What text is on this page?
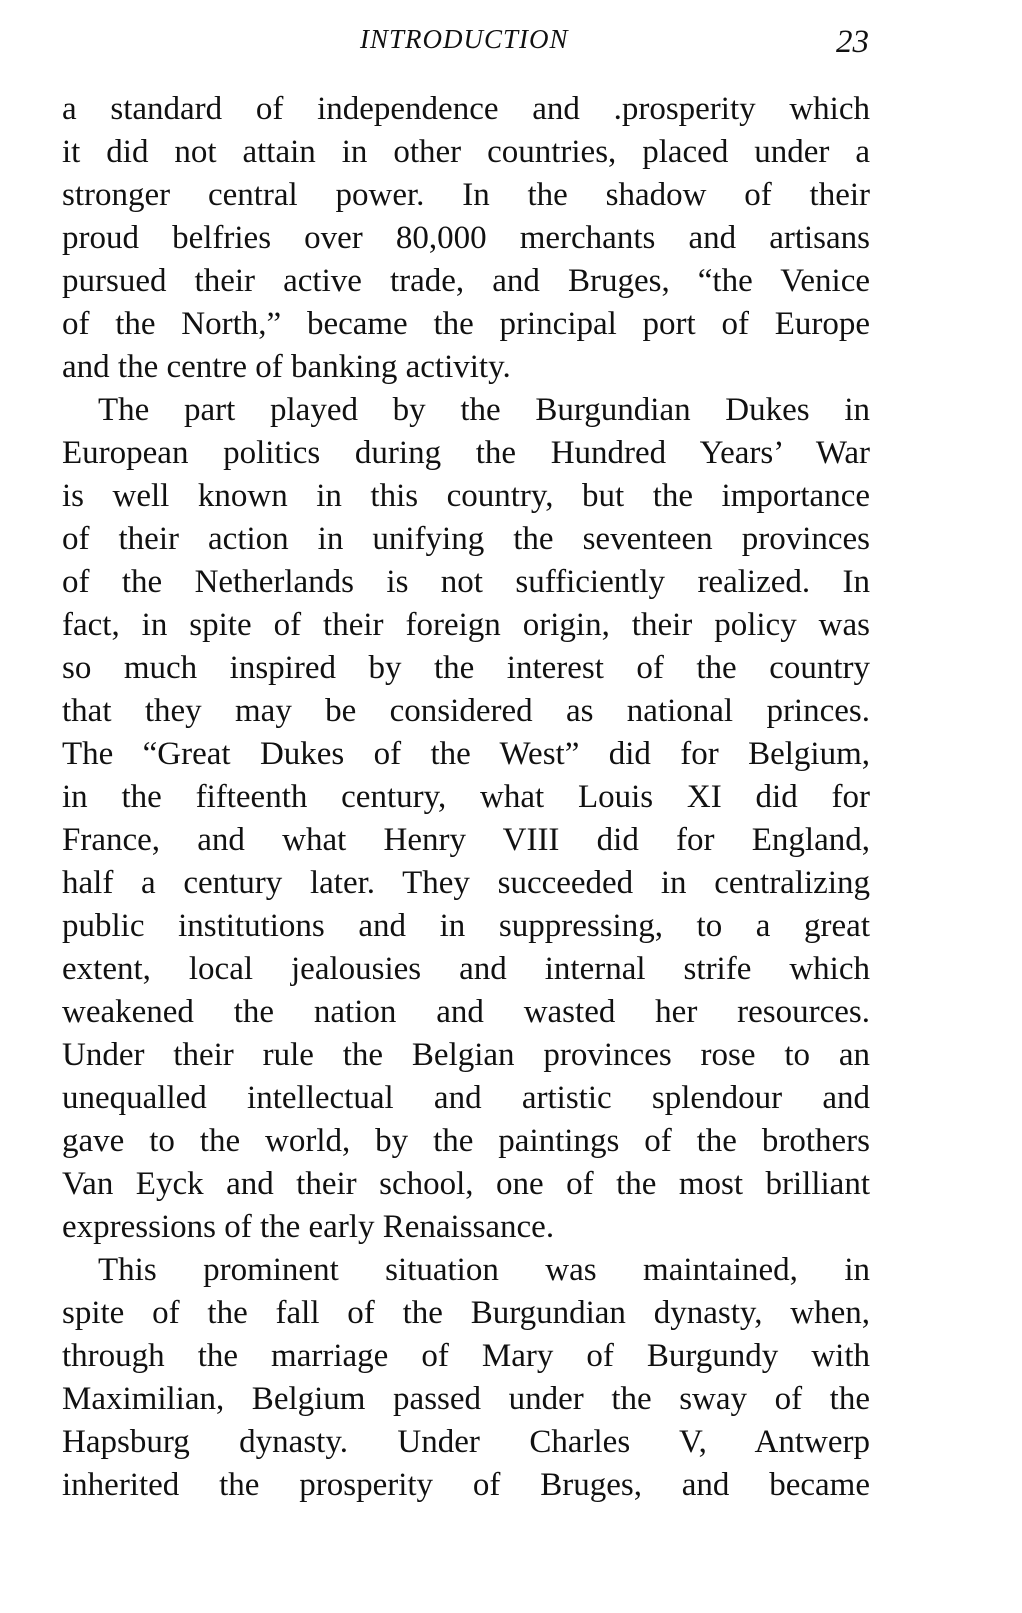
INTRODUCTION	23
a standard of independence and .prosperity which
it did not attain in other countries, placed under a
stronger central power. In the shadow of their
proud belfries over 80,000 merchants and artisans
pursued their active trade, and Bruges, “the Venice
of the North,” became the principal port of Europe
and the centre of banking activity.
The part played by the Burgundian Dukes in
European politics during the Hundred Years’ War
is well known in this country, but the importance
of their action in unifying the seventeen provinces
of the Netherlands is not sufficiently realized. In
fact, in spite of their foreign origin, their policy was
so much inspired by the interest of the country
that they may be considered as national princes.
The “Great Dukes of the West” did for Belgium,
in the fifteenth century, what Louis XI did for
France, and what Henry VIII did for England,
half a century later. They succeeded in centralizing
public institutions and in suppressing, to a great
extent, local jealousies and internal strife which
weakened the nation and wasted her resources.
Under their rule the Belgian provinces rose to an
unequalled intellectual and artistic splendour and
gave to the world, by the paintings of the brothers
Van Eyck and their school, one of the most brilliant
expressions of the early Renaissance.
This prominent situation was maintained, in
spite of the fall of the Burgundian dynasty, when,
through the marriage of Mary of Burgundy with
Maximilian, Belgium passed under the sway of the
Hapsburg dynasty. Under Charles V, Antwerp
inherited the prosperity of Bruges, and became
